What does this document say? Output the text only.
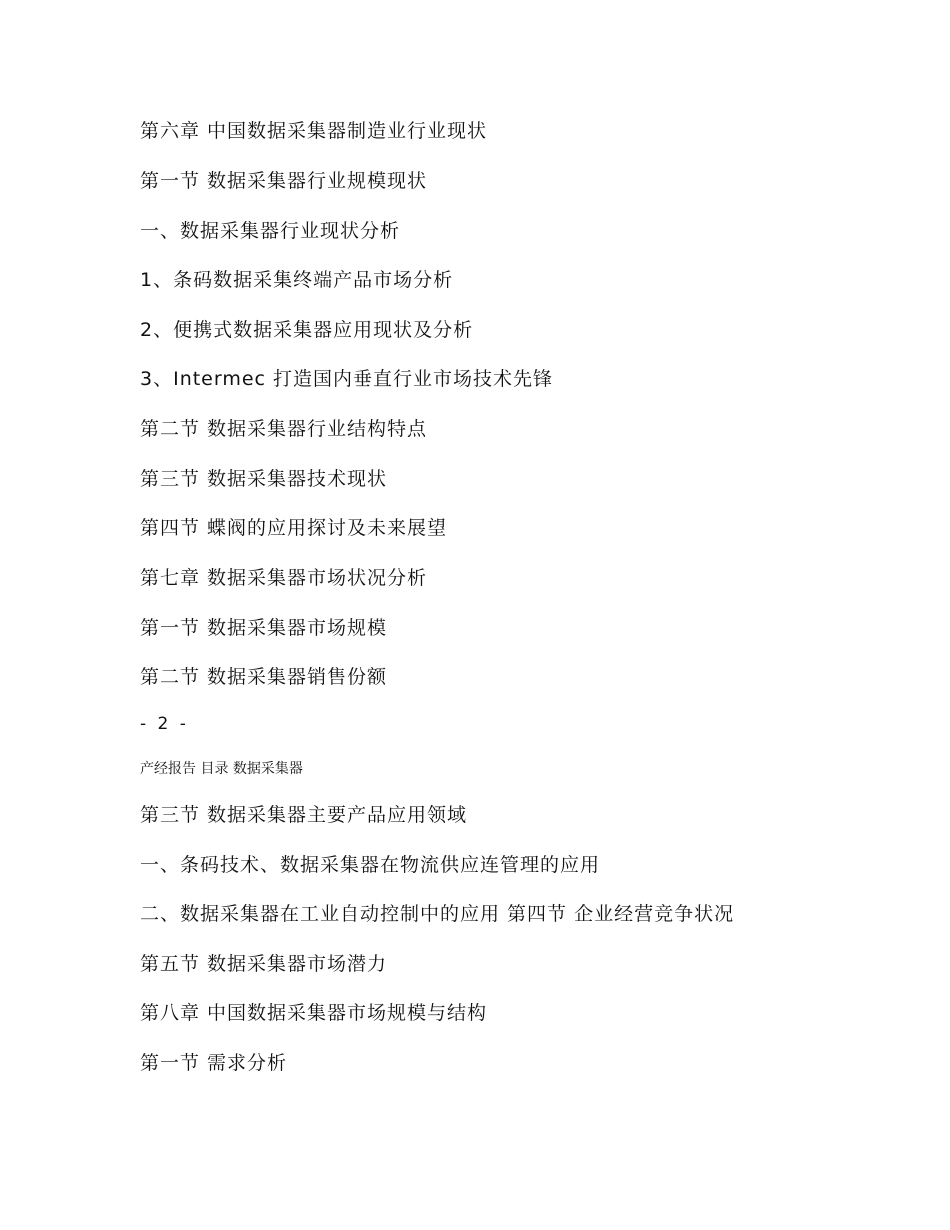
第六章 中国数据采集器制造业行业现状
第一节 数据采集器行业规模现状
一、数据采集器行业现状分析
1、条码数据采集终端产品市场分析
2、便携式数据采集器应用现状及分析
3、Intermec 打造国内垂直行业市场技术先锋
第二节 数据采集器行业结构特点
第三节 数据采集器技术现状
第四节 蝶阀的应用探讨及未来展望
第七章 数据采集器市场状况分析
第一节 数据采集器市场规模
第二节 数据采集器销售份额
- 2 -
产经报告 目录 数据采集器
第三节 数据采集器主要产品应用领域
一、条码技术、数据采集器在物流供应连管理的应用
二、数据采集器在工业自动控制中的应用 第四节 企业经营竞争状况
第五节 数据采集器市场潜力
第八章 中国数据采集器市场规模与结构
第一节 需求分析
